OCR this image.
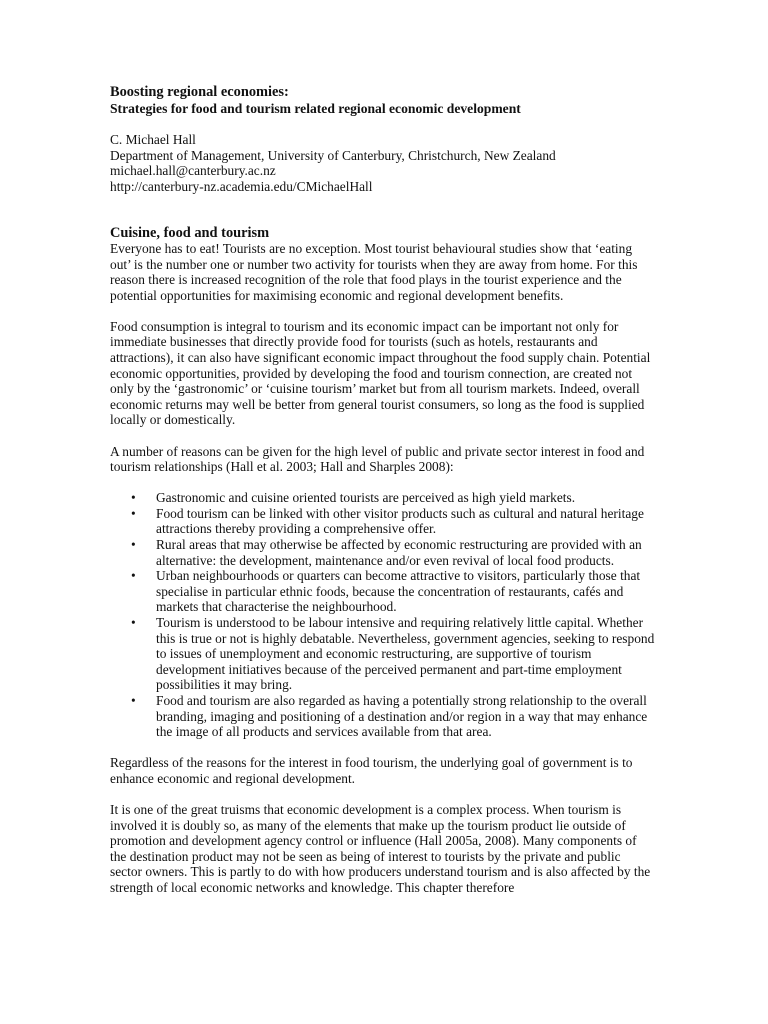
Boosting regional economies:
Strategies for food and tourism related regional economic development

C. Michael Hall

Department of Management, University of Canterbury, Christchurch, New Zealand

michael.hall@canterbury.ac.nz

http://canterbury-nz.academia.edu/CMichaelHall

Cuisine, food and tourism

Everyone has to eat! Tourists are no exception. Most tourist behavioural studies show that ‘eating out’ is the number one or number two activity for tourists when they are away from home. For this reason there is increased recognition of the role that food plays in the tourist experience and the potential opportunities for maximising economic and regional development benefits.

Food consumption is integral to tourism and its economic impact can be important not only for immediate businesses that directly provide food for tourists (such as hotels, restaurants and attractions), it can also have significant economic impact throughout the food supply chain. Potential economic opportunities, provided by developing the food and tourism connection, are created not only by the ‘gastronomic’ or ‘cuisine tourism’ market but from all tourism markets. Indeed, overall economic returns may well be better from general tourist consumers, so long as the food is supplied locally or domestically.

A number of reasons can be given for the high level of public and private sector interest in food and tourism relationships (Hall et al. 2003; Hall and Sharples 2008):

• Gastronomic and cuisine oriented tourists are perceived as high yield markets.
• Food tourism can be linked with other visitor products such as cultural and natural heritage attractions thereby providing a comprehensive offer.
• Rural areas that may otherwise be affected by economic restructuring are provided with an alternative: the development, maintenance and/or even revival of local food products.
• Urban neighbourhoods or quarters can become attractive to visitors, particularly those that specialise in particular ethnic foods, because the concentration of restaurants, cafés and markets that characterise the neighbourhood.
• Tourism is understood to be labour intensive and requiring relatively little capital. Whether this is true or not is highly debatable. Nevertheless, government agencies, seeking to respond to issues of unemployment and economic restructuring, are supportive of tourism development initiatives because of the perceived permanent and part-time employment possibilities it may bring.
• Food and tourism are also regarded as having a potentially strong relationship to the overall branding, imaging and positioning of a destination and/or region in a way that may enhance the image of all products and services available from that area.

Regardless of the reasons for the interest in food tourism, the underlying goal of government is to enhance economic and regional development.

It is one of the great truisms that economic development is a complex process. When tourism is involved it is doubly so, as many of the elements that make up the tourism product lie outside of promotion and development agency control or influence (Hall 2005a, 2008). Many components of the destination product may not be seen as being of interest to tourists by the private and public sector owners. This is partly to do with how producers understand tourism and is also affected by the strength of local economic networks and knowledge. This chapter therefore
